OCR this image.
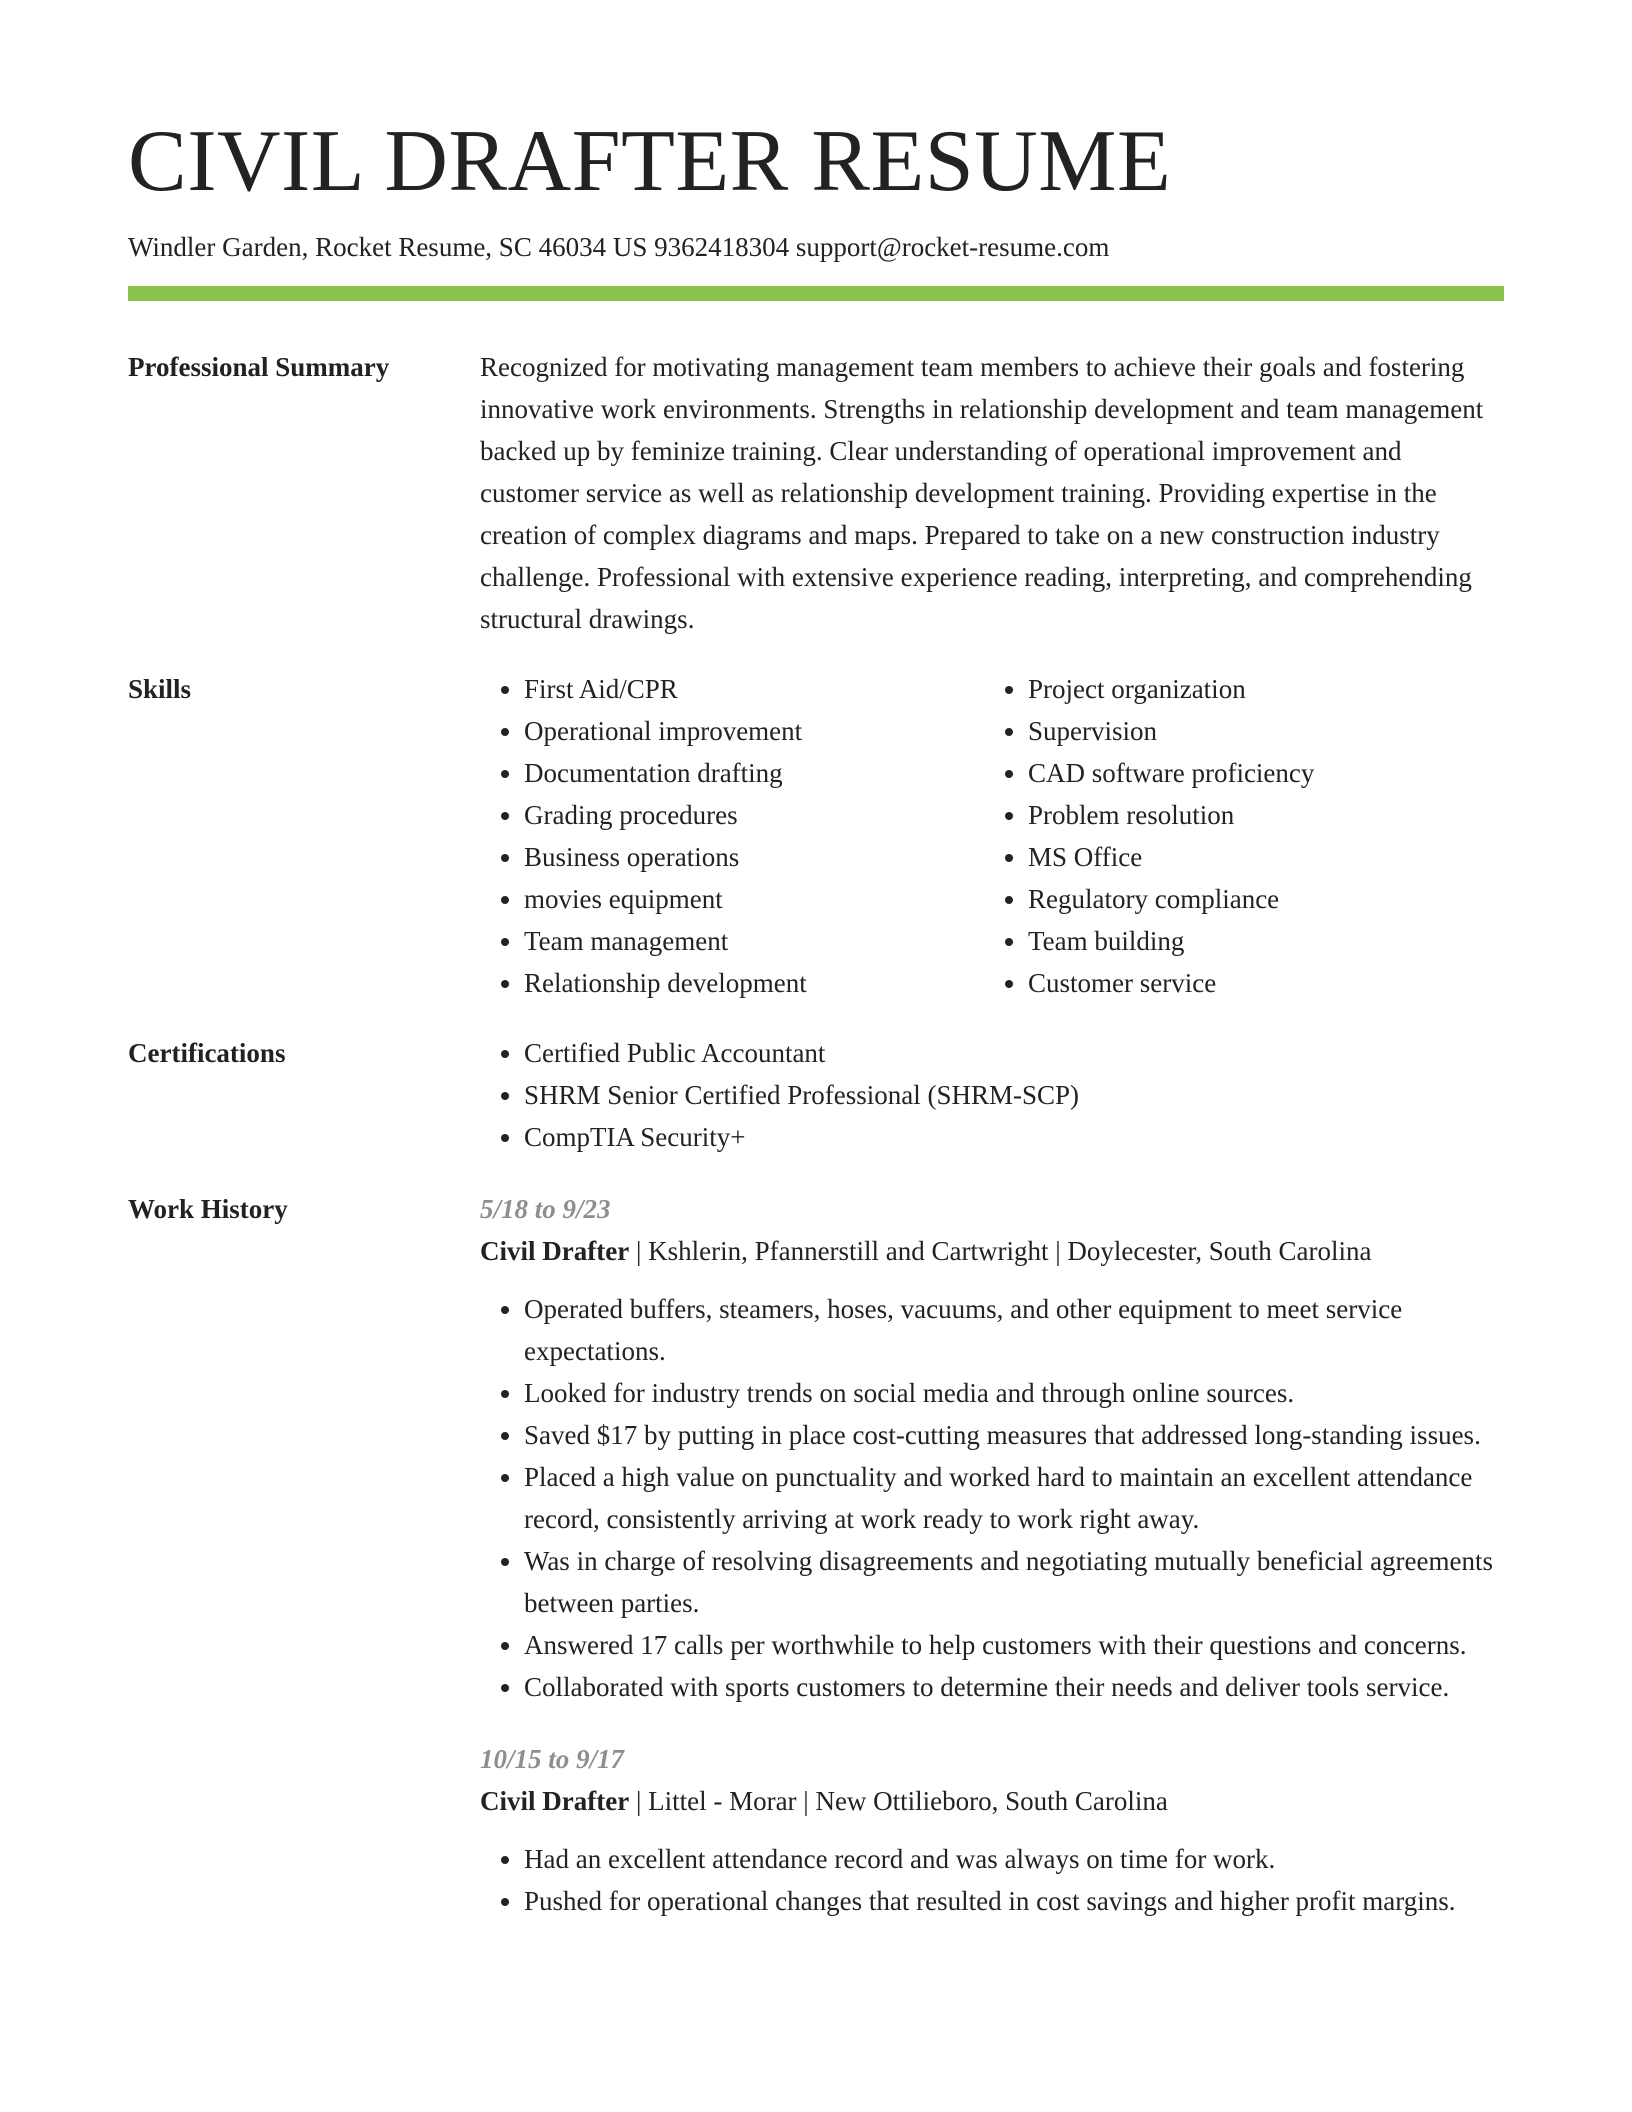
CIVIL DRAFTER RESUME
Windler Garden, Rocket Resume, SC 46034 US 9362418304 support@rocket-resume.com
Professional Summary	Recognized for motivating management team members to achieve their goals and fostering innovative work environments. Strengths in relationship development and team management backed up by feminize training. Clear understanding of operational improvement and customer service as well as relationship development training. Providing expertise in the creation of complex diagrams and maps. Prepared to take on a new construction industry challenge. Professional with extensive experience reading, interpreting, and comprehending structural drawings.

Skills	• First Aid/CPR
• Operational improvement
• Documentation drafting
• Grading procedures
• Business operations
• movies equipment
• Team management
• Relationship development
• Project organization
• Supervision
• CAD software proficiency
• Problem resolution
• MS Office
• Regulatory compliance
• Team building
• Customer service
Certifications	• Certified Public Accountant
• SHRM Senior Certified Professional (SHRM-SCP)
• CompTIA Security+
Work History	5/18 to 9/23
Civil Drafter | Kshlerin, Pfannerstill and Cartwright | Doylecester, South Carolina
• Operated buffers, steamers, hoses, vacuums, and other equipment to meet service expectations.
• Looked for industry trends on social media and through online sources.
• Saved $17 by putting in place cost-cutting measures that addressed long-standing issues.
• Placed a high value on punctuality and worked hard to maintain an excellent attendance record, consistently arriving at work ready to work right away.
• Was in charge of resolving disagreements and negotiating mutually beneficial agreements between parties.
• Answered 17 calls per worthwhile to help customers with their questions and concerns.
• Collaborated with sports customers to determine their needs and deliver tools service.
10/15 to 9/17
Civil Drafter | Littel - Morar | New Ottilieboro, South Carolina
• Had an excellent attendance record and was always on time for work.
• Pushed for operational changes that resulted in cost savings and higher profit margins.
